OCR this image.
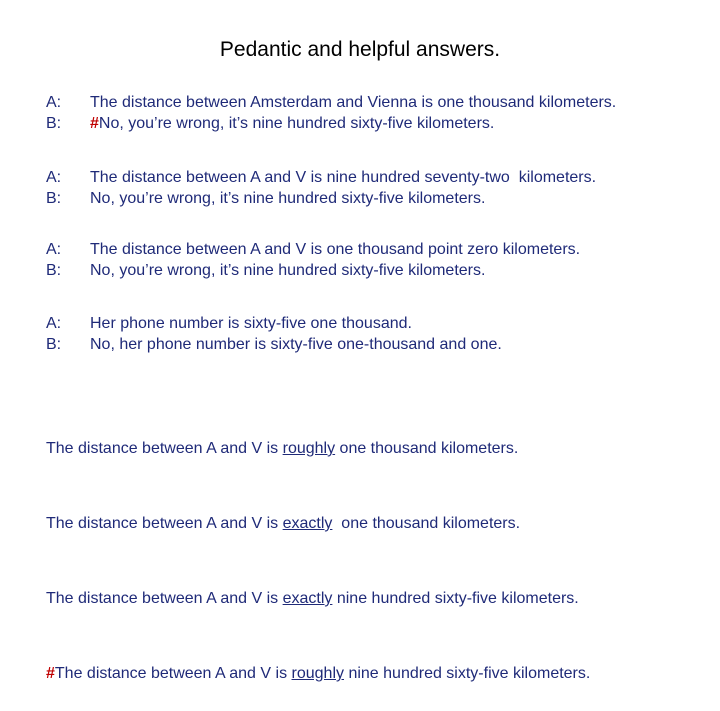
Pedantic and helpful answers.
A:	The distance between Amsterdam and Vienna is one thousand kilometers.
B:	#No, you’re wrong, it’s nine hundred sixty-five kilometers.
A:	The distance between A and V is nine hundred seventy-two  kilometers.
B:	No, you’re wrong, it’s nine hundred sixty-five kilometers.
A:	The distance between A and V is one thousand point zero kilometers.
B:	No, you’re wrong, it’s nine hundred sixty-five kilometers.
A:	Her phone number is sixty-five one thousand.
B:	No, her phone number is sixty-five one-thousand and one.

The distance between A and V is roughly one thousand kilometers.

The distance between A and V is exactly  one thousand kilometers.

The distance between A and V is exactly nine hundred sixty-five kilometers.

#The distance between A and V is roughly nine hundred sixty-five kilometers.
